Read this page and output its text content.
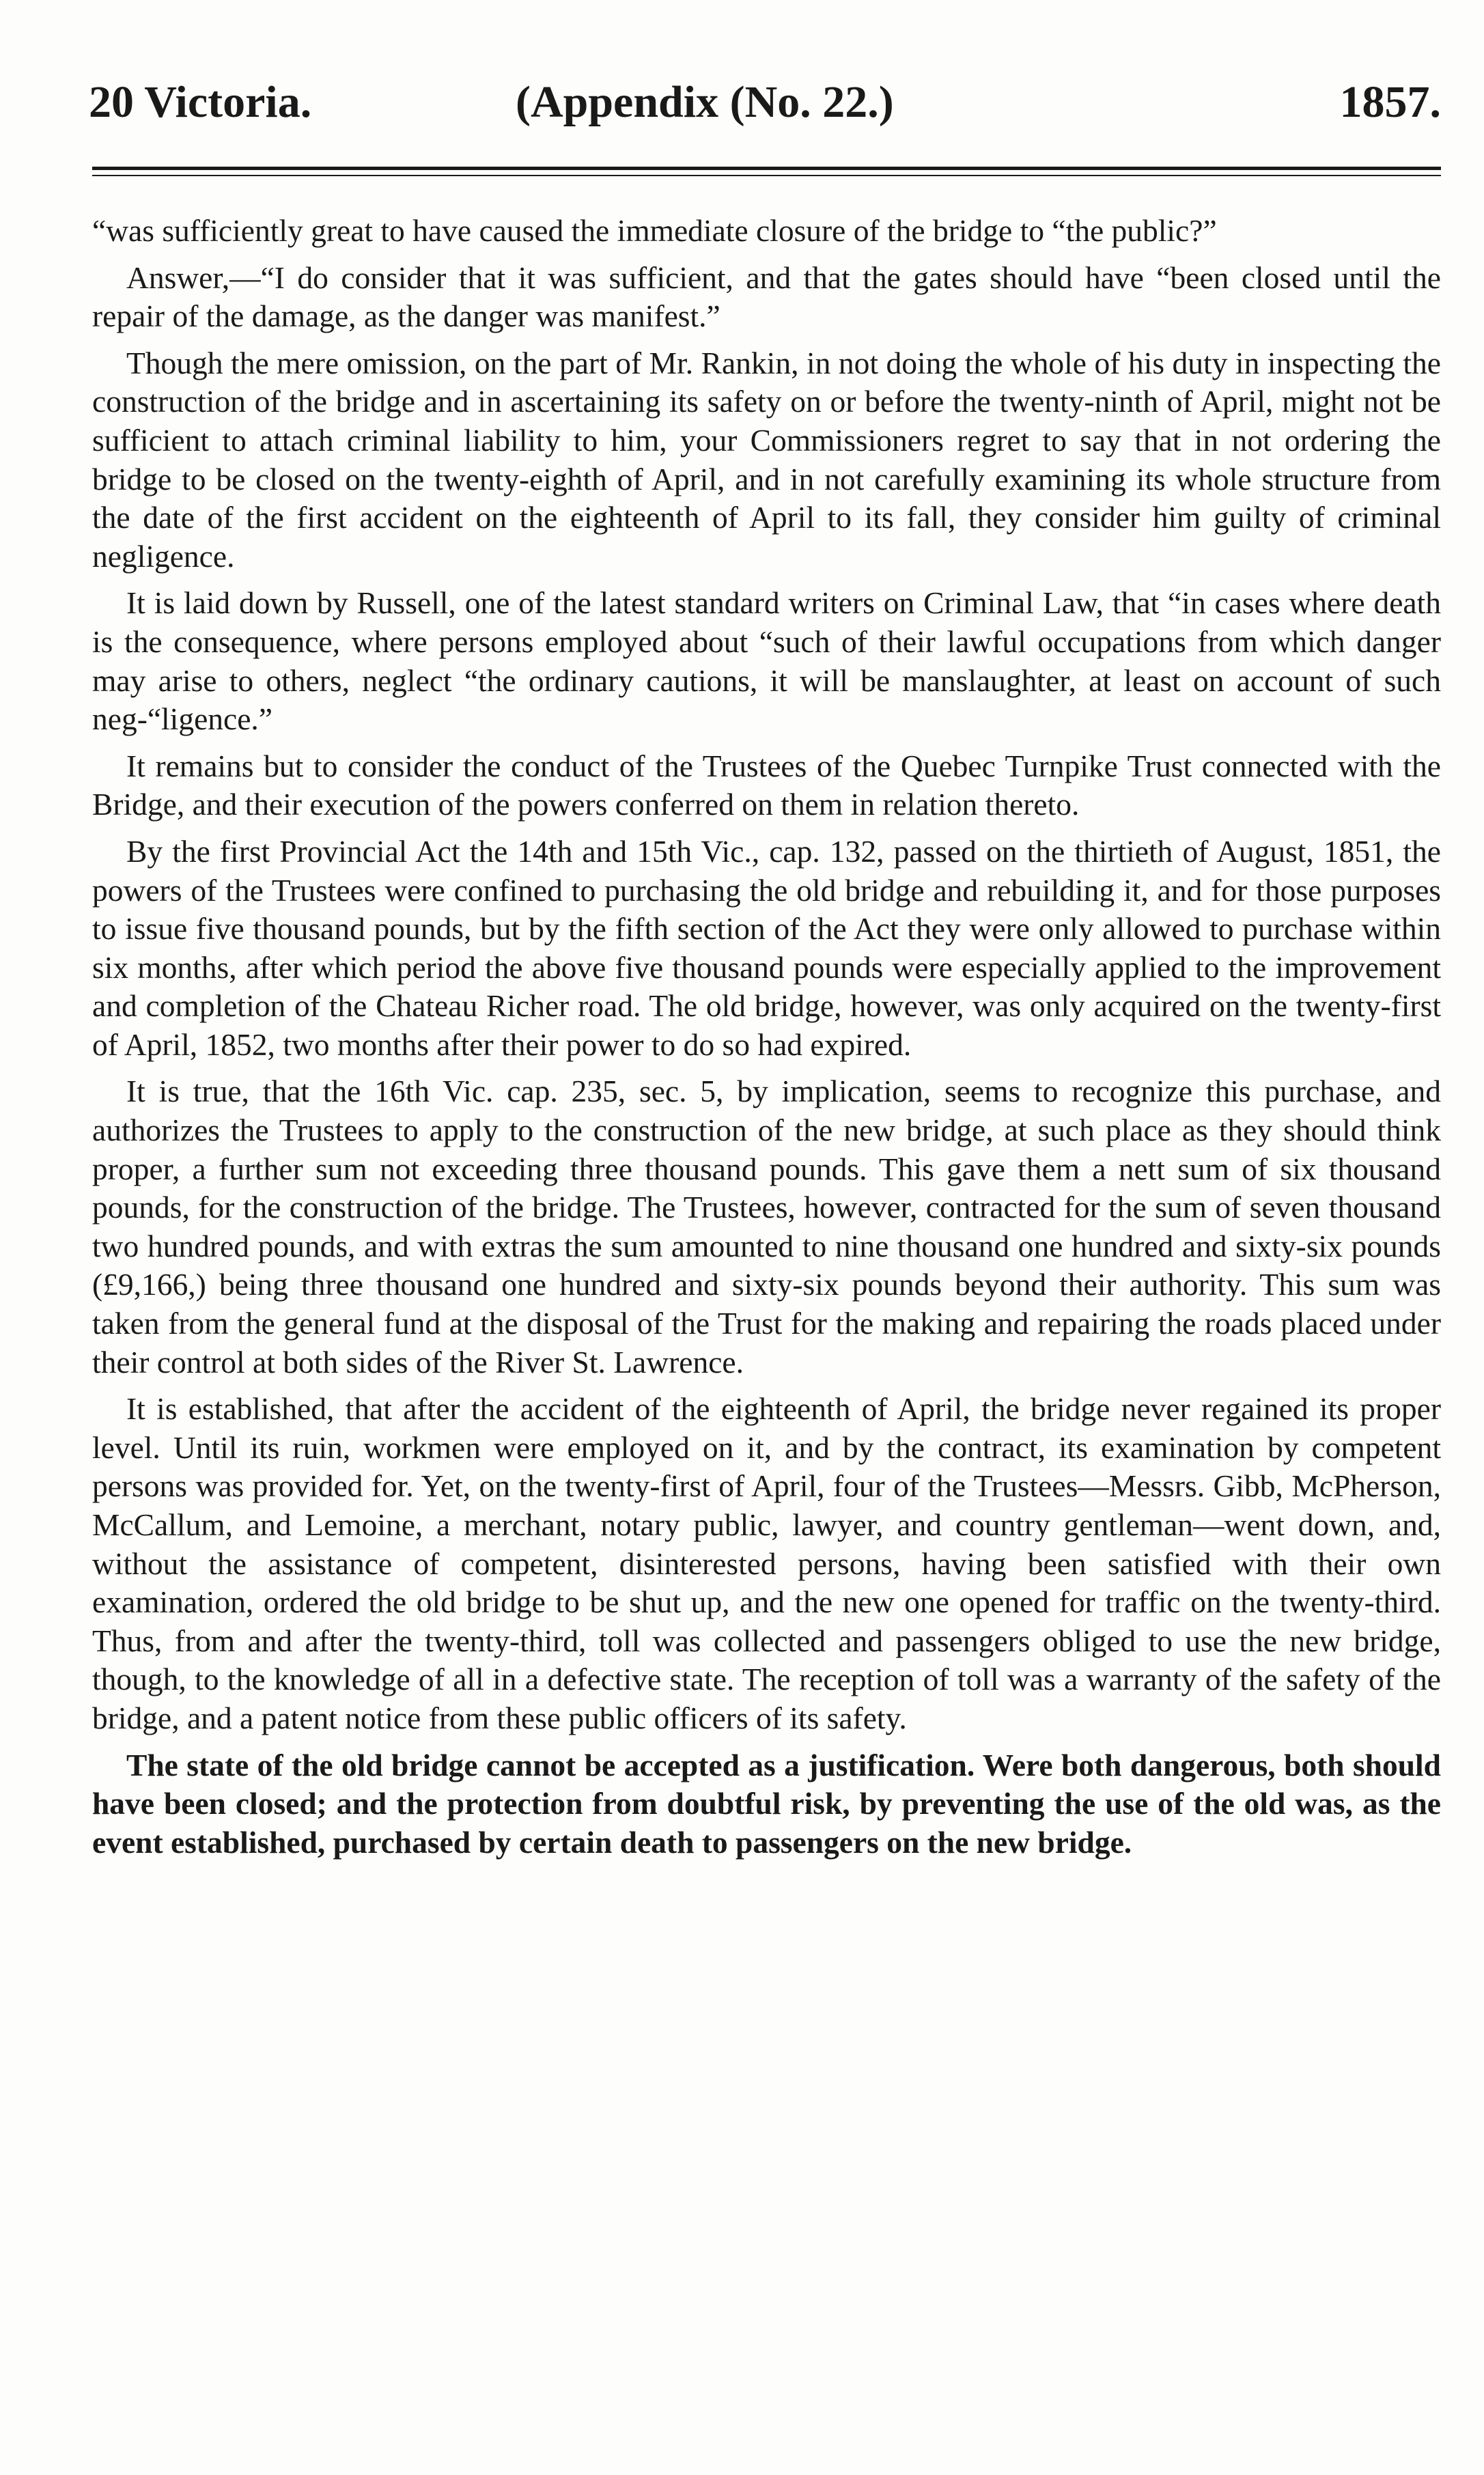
20 Victoria.	(Appendix (No. 22.)	1857.

“was sufficiently great to have caused the immediate closure of the bridge to “the public?”

Answer,—“I do consider that it was sufficient, and that the gates should have “been closed until the repair of the damage, as the danger was manifest.”

Though the mere omission, on the part of Mr. Rankin, in not doing the whole of his duty in inspecting the construction of the bridge and in ascertaining its safety on or before the twenty-ninth of April, might not be sufficient to attach criminal liability to him, your Commissioners regret to say that in not ordering the bridge to be closed on the twenty-eighth of April, and in not carefully examining its whole structure from the date of the first accident on the eighteenth of April to its fall, they consider him guilty of criminal negligence.

It is laid down by Russell, one of the latest standard writers on Criminal Law, that “in cases where death is the consequence, where persons employed about “such of their lawful occupations from which danger may arise to others, neglect “the ordinary cautions, it will be manslaughter, at least on account of such neg-“ligence.”

It remains but to consider the conduct of the Trustees of the Quebec Turnpike Trust connected with the Bridge, and their execution of the powers conferred on them in relation thereto.

By the first Provincial Act the 14th and 15th Vic., cap. 132, passed on the thirtieth of August, 1851, the powers of the Trustees were confined to purchasing the old bridge and rebuilding it, and for those purposes to issue five thousand pounds, but by the fifth section of the Act they were only allowed to purchase within six months, after which period the above five thousand pounds were especially applied to the improvement and completion of the Chateau Richer road. The old bridge, however, was only acquired on the twenty-first of April, 1852, two months after their power to do so had expired.

It is true, that the 16th Vic. cap. 235, sec. 5, by implication, seems to recognize this purchase, and authorizes the Trustees to apply to the construction of the new bridge, at such place as they should think proper, a further sum not exceeding three thousand pounds. This gave them a nett sum of six thousand pounds, for the construction of the bridge. The Trustees, however, contracted for the sum of seven thousand two hundred pounds, and with extras the sum amounted to nine thousand one hundred and sixty-six pounds (£9,166,) being three thousand one hundred and sixty-six pounds beyond their authority. This sum was taken from the general fund at the disposal of the Trust for the making and repairing the roads placed under their control at both sides of the River St. Lawrence.

It is established, that after the accident of the eighteenth of April, the bridge never regained its proper level. Until its ruin, workmen were employed on it, and by the contract, its examination by competent persons was provided for. Yet, on the twenty-first of April, four of the Trustees—Messrs. Gibb, McPherson, McCallum, and Lemoine, a merchant, notary public, lawyer, and country gentleman—went down, and, without the assistance of competent, disinterested persons, having been satisfied with their own examination, ordered the old bridge to be shut up, and the new one opened for traffic on the twenty-third. Thus, from and after the twenty-third, toll was collected and passengers obliged to use the new bridge, though, to the knowledge of all in a defective state. The reception of toll was a warranty of the safety of the bridge, and a patent notice from these public officers of its safety.

The state of the old bridge cannot be accepted as a justification. Were both dangerous, both should have been closed; and the protection from doubtful risk, by preventing the use of the old was, as the event established, purchased by certain death to passengers on the new bridge.
